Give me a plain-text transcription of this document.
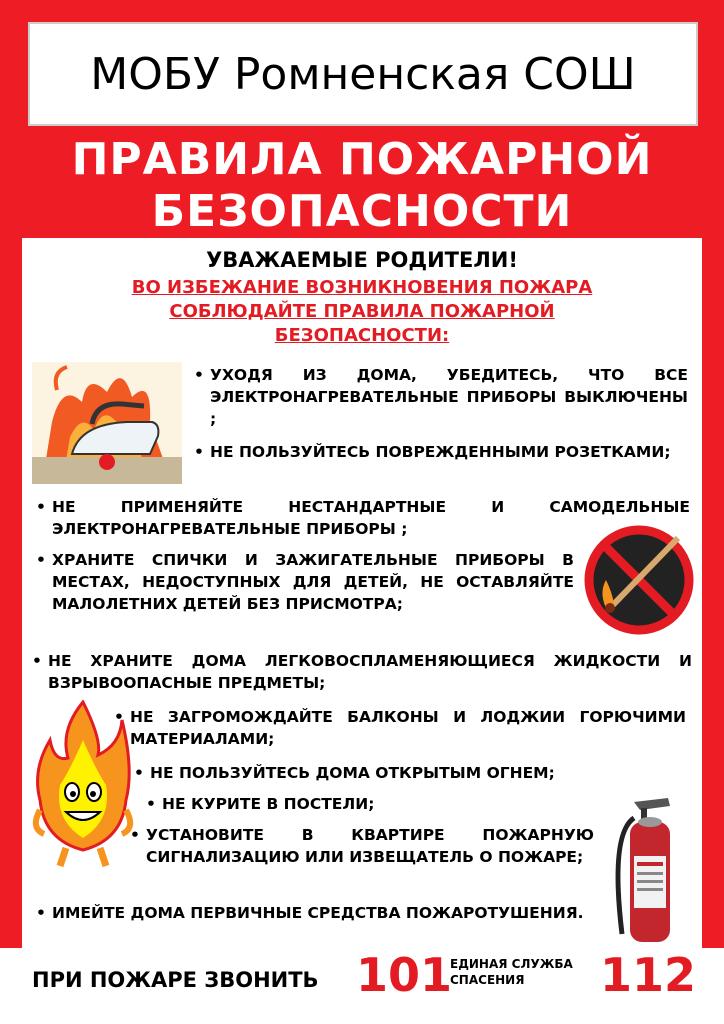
МОБУ Ромненская СОШ
ПРАВИЛА ПОЖАРНОЙ
БЕЗОПАСНОСТИ
УВАЖАЕМЫЕ РОДИТЕЛИ!
ВО ИЗБЕЖАНИЕ ВОЗНИКНОВЕНИЯ ПОЖАРА
СОБЛЮДАЙТЕ ПРАВИЛА ПОЖАРНОЙ
БЕЗОПАСНОСТИ:
• УХОДЯ ИЗ ДОМА, УБЕДИТЕСЬ, ЧТО ВСЕ ЭЛЕКТРОНАГРЕВАТЕЛЬНЫЕ ПРИБОРЫ ВЫКЛЮЧЕНЫ ;
• НЕ ПОЛЬЗУЙТЕСЬ ПОВРЕЖДЕННЫМИ РОЗЕТКАМИ;
• НЕ ПРИМЕНЯЙТЕ НЕСТАНДАРТНЫЕ И САМОДЕЛЬНЫЕ ЭЛЕКТРОНАГРЕВАТЕЛЬНЫЕ ПРИБОРЫ ;
• ХРАНИТЕ СПИЧКИ И ЗАЖИГАТЕЛЬНЫЕ ПРИБОРЫ В МЕСТАХ, НЕДОСТУПНЫХ ДЛЯ ДЕТЕЙ, НЕ ОСТАВЛЯЙТЕ МАЛОЛЕТНИХ ДЕТЕЙ БЕЗ ПРИСМОТРА;
• НЕ ХРАНИТЕ ДОМА ЛЕГКОВОСПЛАМЕНЯЮЩИЕСЯ ЖИДКОСТИ И ВЗРЫВООПАСНЫЕ ПРЕДМЕТЫ;
• НЕ ЗАГРОМОЖДАЙТЕ БАЛКОНЫ И ЛОДЖИИ ГОРЮЧИМИ МАТЕРИАЛАМИ;
• НЕ ПОЛЬЗУЙТЕСЬ ДОМА ОТКРЫТЫМ ОГНЕМ;
• НЕ КУРИТЕ В ПОСТЕЛИ;
• УСТАНОВИТЕ В КВАРТИРЕ ПОЖАРНУЮ СИГНАЛИЗАЦИЮ ИЛИ ИЗВЕЩАТЕЛЬ О ПОЖАРЕ;
• ИМЕЙТЕ ДОМА ПЕРВИЧНЫЕ СРЕДСТВА ПОЖАРОТУШЕНИЯ.
ПРИ ПОЖАРЕ ЗВОНИТЬ 101
ЕДИНАЯ СЛУЖБА
СПАСЕНИЯ	112
